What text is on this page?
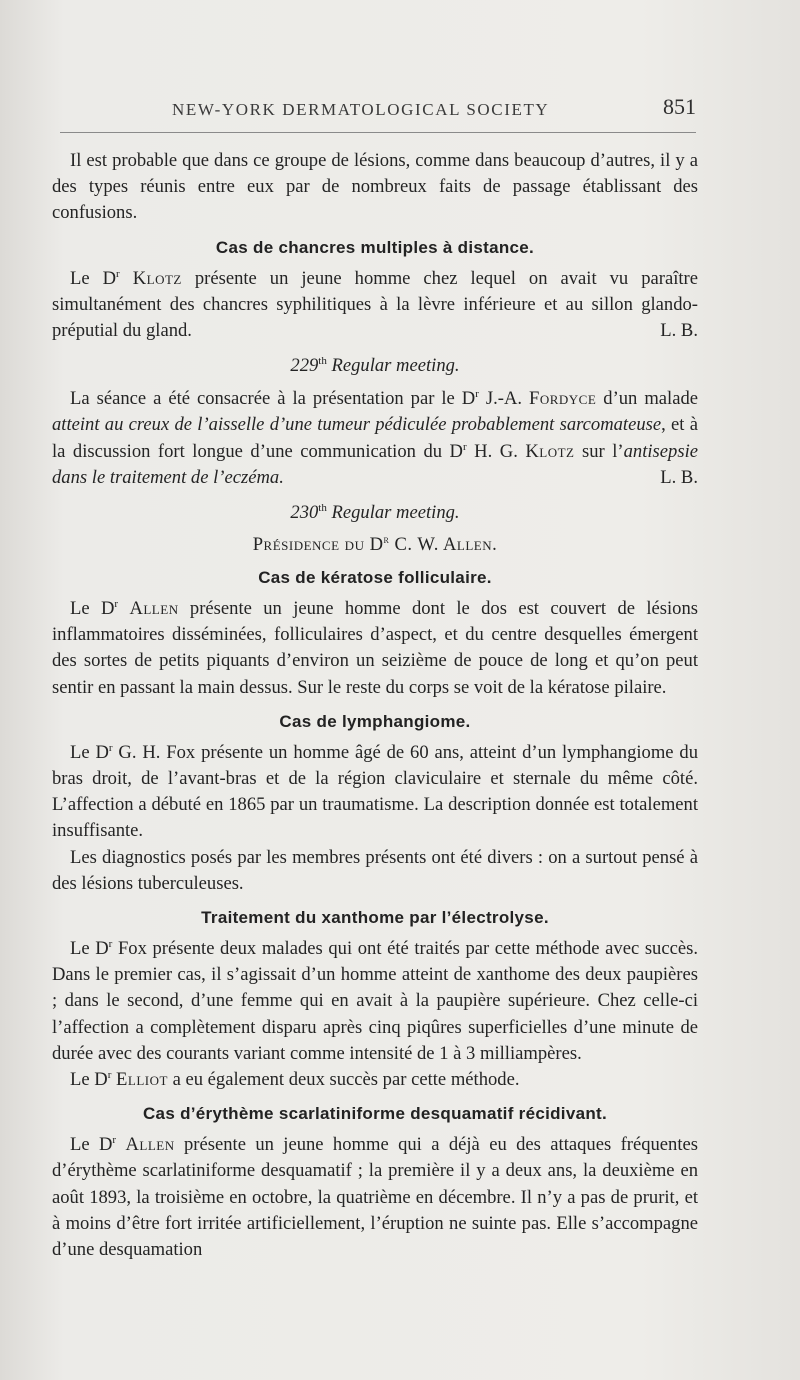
NEW-YORK DERMATOLOGICAL SOCIETY	851

Il est probable que dans ce groupe de lésions, comme dans beaucoup d’autres, il y a des types réunis entre eux par de nombreux faits de passage établissant des confusions.

Cas de chancres multiples à distance.

Le $D^r$ Klotz présente un jeune homme chez lequel on avait vu paraître simultanément des chancres syphilitiques à la lèvre inférieure et au sillon glando-préputial du gland.	L. B.

229th Regular meeting.

La séance a été consacrée à la présentation par le $D^r$ J.-A. Fordyce d’un malade atteint au creux de l’aisselle d’une tumeur pédiculée probablement sarcomateuse, et à la discussion fort longue d’une communication du $D^r$ H. G. Klotz sur l’antisepsie dans le traitement de l’eczéma.	L. B.

230th Regular meeting.
Présidence du $D^r$ C. W. Allen.
Cas de kératose folliculaire.

Le $D^r$ Allen présente un jeune homme dont le dos est couvert de lésions inflammatoires disséminées, folliculaires d’aspect, et du centre desquelles émergent des sortes de petits piquants d’environ un seizième de pouce de long et qu’on peut sentir en passant la main dessus. Sur le reste du corps se voit de la kératose pilaire.

Cas de lymphangiome.

Le $D^r$ G. H. Fox présente un homme âgé de 60 ans, atteint d’un lymphangiome du bras droit, de l’avant-bras et de la région claviculaire et sternale du même côté. L’affection a débuté en 1865 par un traumatisme. La description donnée est totalement insuffisante.

Les diagnostics posés par les membres présents ont été divers : on a surtout pensé à des lésions tuberculeuses.

Traitement du xanthome par l’électrolyse.

Le $D^r$ Fox présente deux malades qui ont été traités par cette méthode avec succès. Dans le premier cas, il s’agissait d’un homme atteint de xanthome des deux paupières ; dans le second, d’une femme qui en avait à la paupière supérieure. Chez celle-ci l’affection a complètement disparu après cinq piqûres superficielles d’une minute de durée avec des courants variant comme intensité de 1 à 3 milliampères.

Le $D^r$ Elliot a eu également deux succès par cette méthode.

Cas d’érythème scarlatiniforme desquamatif récidivant.

Le $D^r$ Allen présente un jeune homme qui a déjà eu des attaques fréquentes d’érythème scarlatiniforme desquamatif ; la première il y a deux ans, la deuxième en août 1893, la troisième en octobre, la quatrième en décembre. Il n’y a pas de prurit, et à moins d’être fort irritée artificiellement, l’éruption ne suinte pas. Elle s’accompagne d’une desquamation
